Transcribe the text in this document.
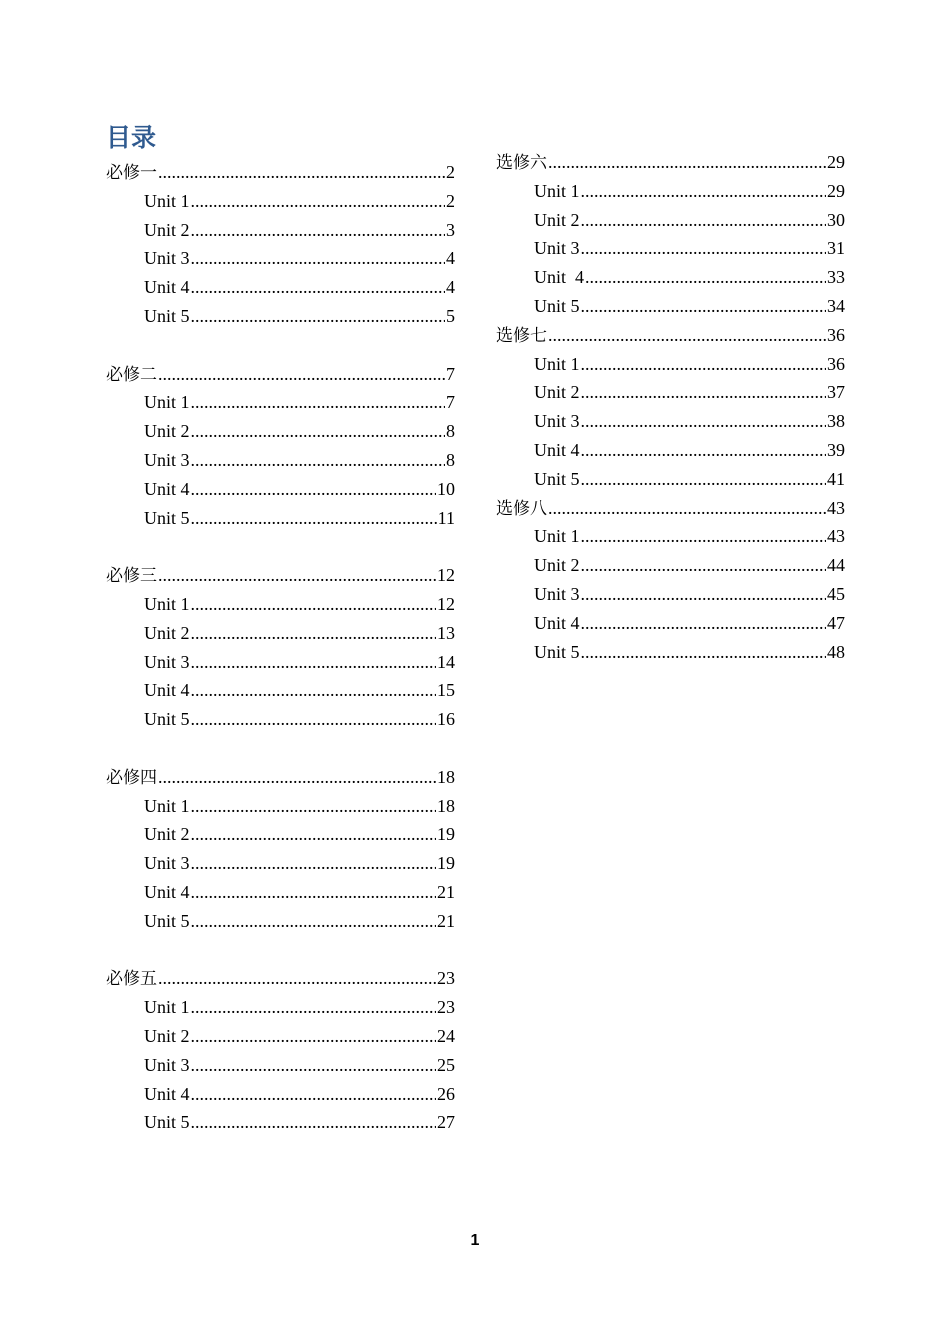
目录
必修一 .....	2
Unit 1 .....	2
Unit 2 .....	3
Unit 3 .....	4
Unit 4 .....	4
Unit 5 .....	5
必修二 .....	7
Unit 1 .....	7
Unit 2 .....	8
Unit 3 .....	8
Unit 4 .....	10
Unit 5 .....	11
必修三 .....	12
Unit 1 .....	12
Unit 2 .....	13
Unit 3 .....	14
Unit 4 .....	15
Unit 5 .....	16
必修四 .....	18
Unit 1 .....	18
Unit 2 .....	19
Unit 3 .....	19
Unit 4 .....	21
Unit 5 .....	21
必修五 .....	23
Unit 1 .....	23
Unit 2 .....	24
Unit 3 .....	25
Unit 4 .....	26
Unit 5 .....	27
选修六 .....	29
Unit 1 .....	29
Unit 2 .....	30
Unit 3 .....	31
Unit  4 .....	33
Unit 5 .....	34
选修七 .....	36
Unit 1 .....	36
Unit 2 .....	37
Unit 3 .....	38
Unit 4 .....	39
Unit 5 .....	41
选修八 .....	43
Unit 1 .....	43
Unit 2 .....	44
Unit 3 .....	45
Unit 4 .....	47
Unit 5 .....	48
1
